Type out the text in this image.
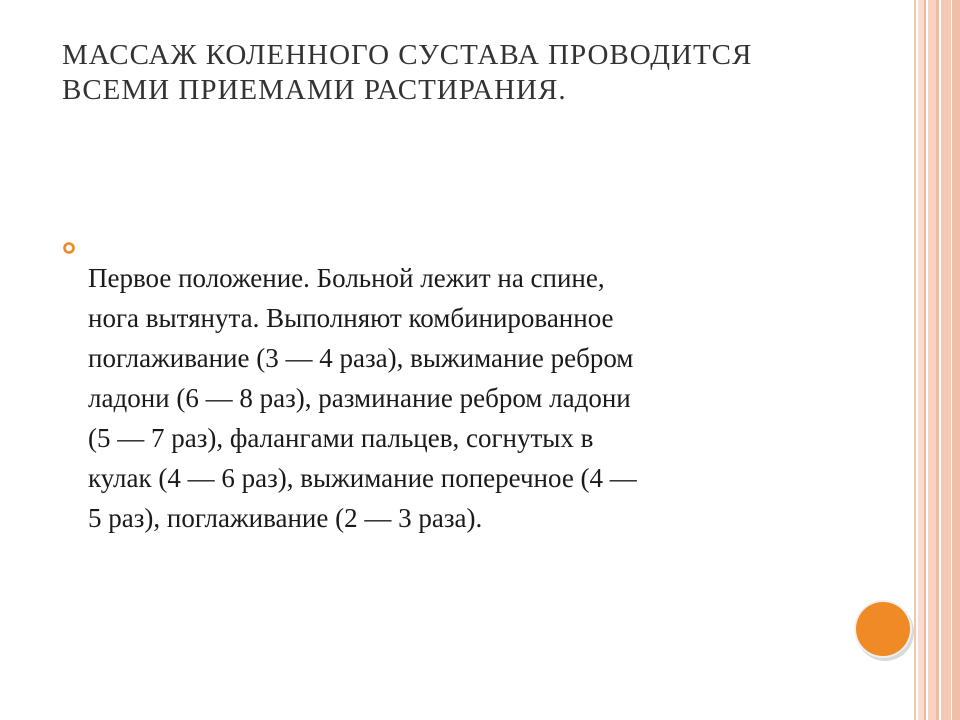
МАССАЖ КОЛЕННОГО СУСТАВА ПРОВОДИТСЯ
ВСЕМИ ПРИЕМАМИ РАСТИРАНИЯ.

Первое положение. Больной лежит на спине,
нога вытянута. Выполняют комбинированное
поглаживание (3 — 4 раза), выжимание ребром
ладони (6 — 8 раз), разминание ребром ладони
(5 — 7 раз), фалангами пальцев, согнутых в
кулак (4 — 6 раз), выжимание поперечное (4 —
5 раз), поглаживание (2 — 3 раза).
